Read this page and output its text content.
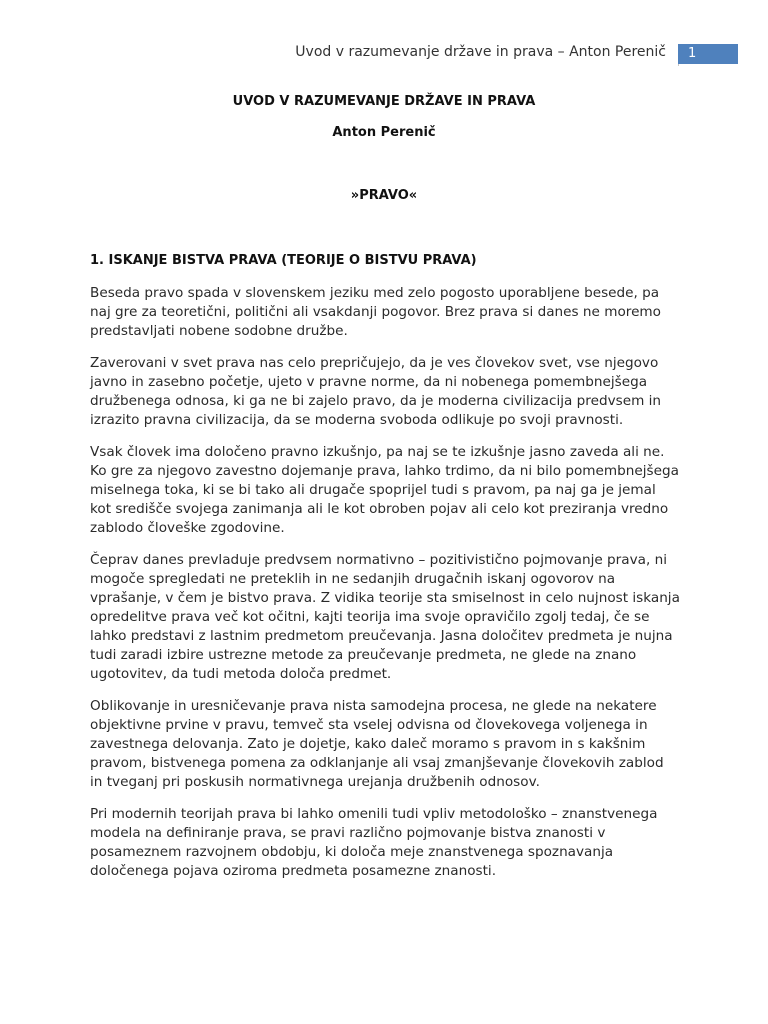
Uvod v razumevanje države in prava – Anton Perenič	1
UVOD V RAZUMEVANJE DRŽAVE IN PRAVA
Anton Perenič
»PRAVO«
1. ISKANJE BISTVA PRAVA (TEORIJE O BISTVU PRAVA)

Beseda pravo spada v slovenskem jeziku med zelo pogosto uporabljene besede, pa naj gre za teoretični, politični ali vsakdanji pogovor. Brez prava si danes ne moremo predstavljati nobene sodobne družbe.

Zaverovani v svet prava nas celo prepričujejo, da je ves človekov svet, vse njegovo javno in zasebno početje, ujeto v pravne norme, da ni nobenega pomembnejšega družbenega odnosa, ki ga ne bi zajelo pravo, da je moderna civilizacija predvsem in izrazito pravna civilizacija, da se moderna svoboda odlikuje po svoji pravnosti.

Vsak človek ima določeno pravno izkušnjo, pa naj se te izkušnje jasno zaveda ali ne. Ko gre za njegovo zavestno dojemanje prava, lahko trdimo, da ni bilo pomembnejšega miselnega toka, ki se bi tako ali drugače spoprijel tudi s pravom, pa naj ga je jemal kot središče svojega zanimanja ali le kot obroben pojav ali celo kot preziranja vredno zablodo človeške zgodovine.

Čeprav danes prevladuje predvsem normativno – pozitivistično pojmovanje prava, ni mogoče spregledati ne preteklih in ne sedanjih drugačnih iskanj ogovorov na vprašanje, v čem je bistvo prava. Z vidika teorije sta smiselnost in celo nujnost iskanja opredelitve prava več kot očitni, kajti teorija ima svoje opravičilo zgolj tedaj, če se lahko predstavi z lastnim predmetom preučevanja. Jasna določitev predmeta je nujna tudi zaradi izbire ustrezne metode za preučevanje predmeta, ne glede na znano ugotovitev, da tudi metoda določa predmet.

Oblikovanje in uresničevanje prava nista samodejna procesa, ne glede na nekatere objektivne prvine v pravu, temveč sta vselej odvisna od človekovega voljenega in zavestnega delovanja. Zato je dojetje, kako daleč moramo s pravom in s kakšnim pravom, bistvenega pomena za odklanjanje ali vsaj zmanjševanje človekovih zablod in tveganj pri poskusih normativnega urejanja družbenih odnosov.

Pri modernih teorijah prava bi lahko omenili tudi vpliv metodološko – znanstvenega modela na definiranje prava, se pravi različno pojmovanje bistva znanosti v posameznem razvojnem obdobju, ki določa meje znanstvenega spoznavanja določenega pojava oziroma predmeta posamezne znanosti.
